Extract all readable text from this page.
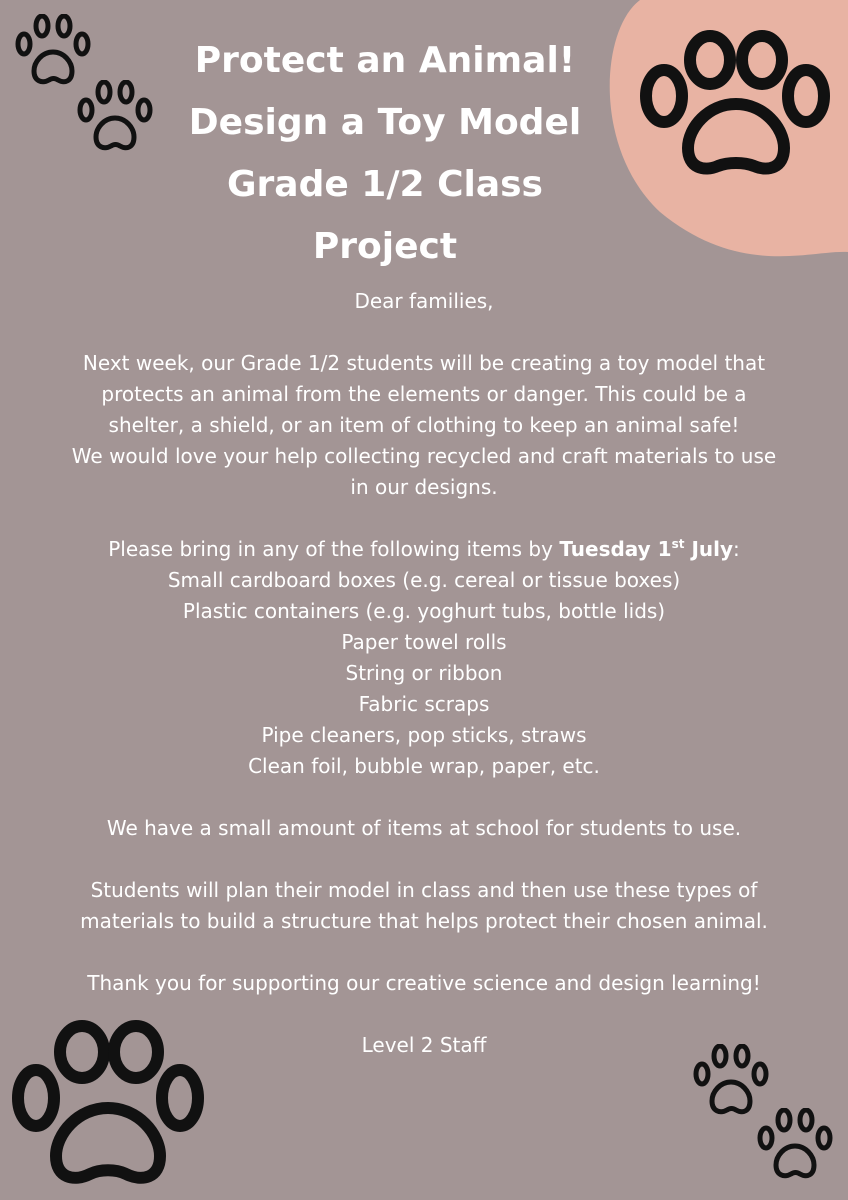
Protect an Animal!
Design a Toy Model
Grade 1/2 Class
Project

Dear families,

Next week, our Grade 1/2 students will be creating a toy model that

protects an animal from the elements or danger. This could be a

shelter, a shield, or an item of clothing to keep an animal safe!

We would love your help collecting recycled and craft materials to use

in our designs.

Please bring in any of the following items by Tuesday 1st July:

Small cardboard boxes (e.g. cereal or tissue boxes)

Plastic containers (e.g. yoghurt tubs, bottle lids)

Paper towel rolls

String or ribbon

Fabric scraps

Pipe cleaners, pop sticks, straws

Clean foil, bubble wrap, paper, etc.

We have a small amount of items at school for students to use.

Students will plan their model in class and then use these types of

materials to build a structure that helps protect their chosen animal.

Thank you for supporting our creative science and design learning!

Level 2 Staff
